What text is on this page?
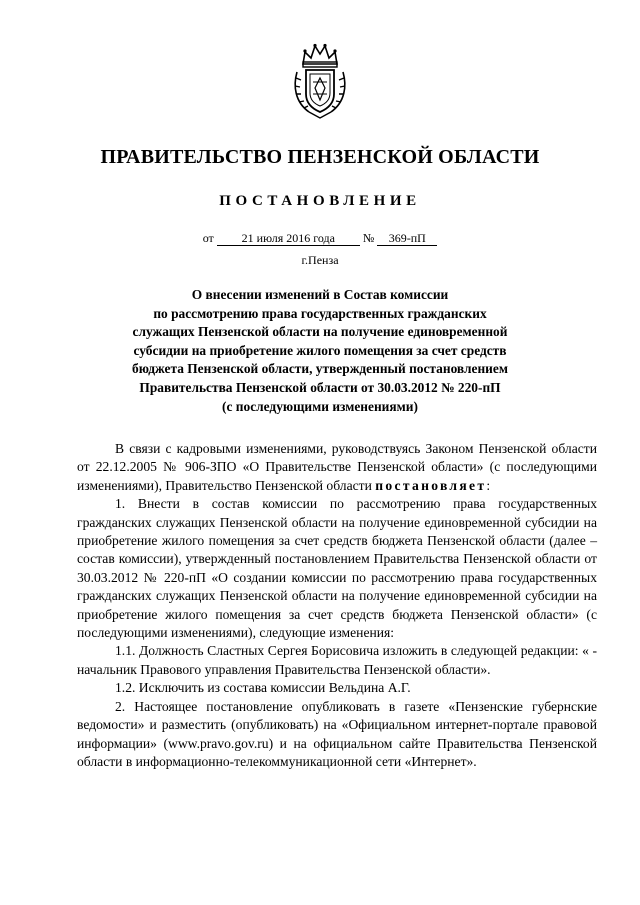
ПРАВИТЕЛЬСТВО ПЕНЗЕНСКОЙ ОБЛАСТИ
ПОСТАНОВЛЕНИЕ
от 21 июля 2016 года № 369-пП
г.Пенза
О внесении изменений в Состав комиссии
по рассмотрению права государственных гражданских
служащих Пензенской области на получение единовременной
субсидии на приобретение жилого помещения за счет средств
бюджета Пензенской области, утвержденный постановлением
Правительства Пензенской области от 30.03.2012 № 220-пП
(с последующими изменениями)

В связи с кадровыми изменениями, руководствуясь Законом Пензенской области от 22.12.2005 № 906-ЗПО «О Правительстве Пензенской области» (с последующими изменениями), Правительство Пензенской области постановляет:

1. Внести в состав комиссии по рассмотрению права государственных гражданских служащих Пензенской области на получение единовременной субсидии на приобретение жилого помещения за счет средств бюджета Пензенской области (далее – состав комиссии), утвержденный постановлением Правительства Пензенской области от 30.03.2012 № 220-пП «О создании комиссии по рассмотрению права государственных гражданских служащих Пензенской области на получение единовременной субсидии на приобретение жилого помещения за счет средств бюджета Пензенской области» (с последующими изменениями), следующие изменения:

1.1. Должность Сластных Сергея Борисовича изложить в следующей редакции: « - начальник Правового управления Правительства Пензенской области».

1.2. Исключить из состава комиссии Вельдина А.Г.

2. Настоящее постановление опубликовать в газете «Пензенские губернские ведомости» и разместить (опубликовать) на «Официальном интернет-портале правовой информации» (www.pravo.gov.ru) и на официальном сайте Правительства Пензенской области в информационно-телекоммуникационной сети «Интернет».
